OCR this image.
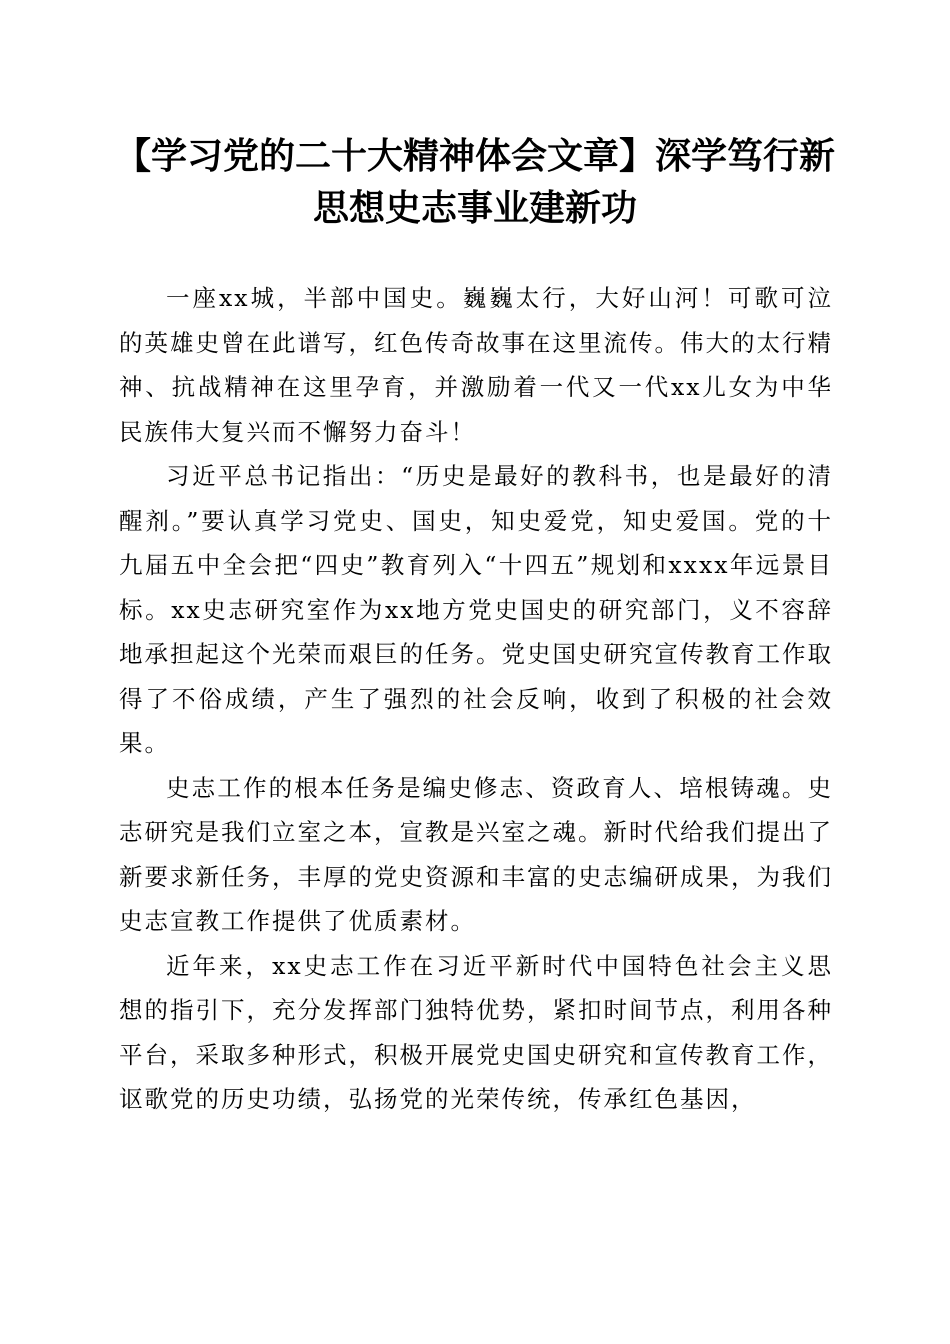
【学习党的二十大精神体会文章】深学笃行新
思想史志事业建新功

一座xx城，半部中国史。巍巍太行，大好山河！可歌可泣的英雄史曾在此谱写，红色传奇故事在这里流传。伟大的太行精神、抗战精神在这里孕育，并激励着一代又一代xx儿女为中华民族伟大复兴而不懈努力奋斗！

习近平总书记指出：“历史是最好的教科书，也是最好的清醒剂。”要认真学习党史、国史，知史爱党，知史爱国。党的十九届五中全会把“四史”教育列入“十四五”规划和xxxx年远景目标。xx史志研究室作为xx地方党史国史的研究部门，义不容辞地承担起这个光荣而艰巨的任务。党史国史研究宣传教育工作取得了不俗成绩，产生了强烈的社会反响，收到了积极的社会效果。

史志工作的根本任务是编史修志、资政育人、培根铸魂。史志研究是我们立室之本，宣教是兴室之魂。新时代给我们提出了新要求新任务，丰厚的党史资源和丰富的史志编研成果，为我们史志宣教工作提供了优质素材。

近年来，xx史志工作在习近平新时代中国特色社会主义思想的指引下，充分发挥部门独特优势，紧扣时间节点，利用各种平台，采取多种形式，积极开展党史国史研究和宣传教育工作，讴歌党的历史功绩，弘扬党的光荣传统，传承红色基因，
